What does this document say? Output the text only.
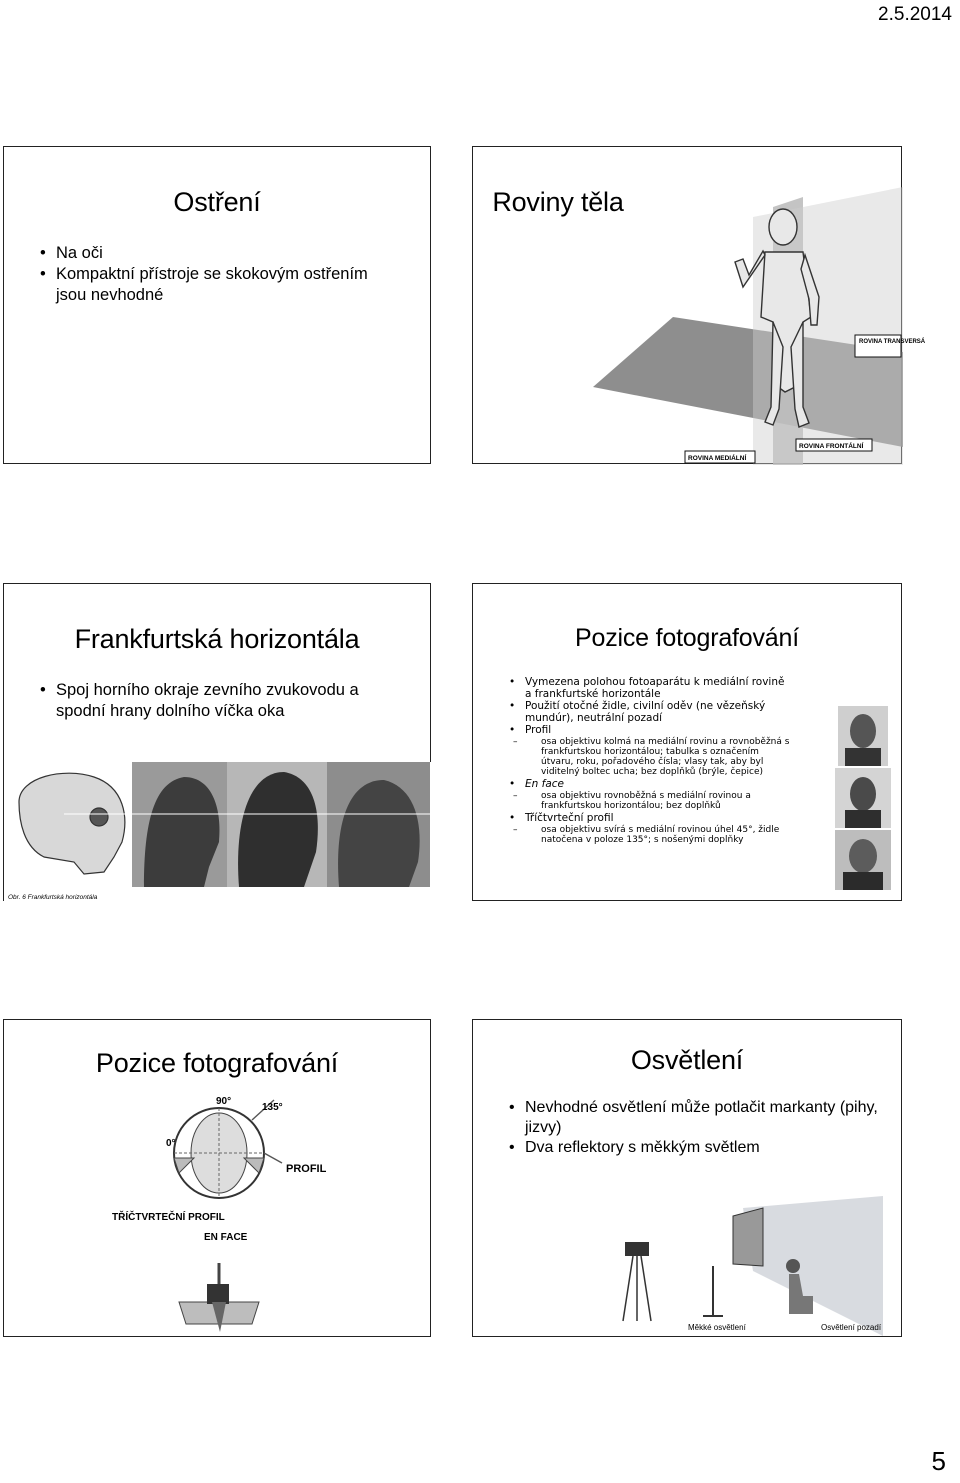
2.5.2014
Ostření
• Na oči
• Kompaktní přístroje se skokovým ostřením jsou nevhodné
Roviny těla
ROVINA TRANSVERSÁ
ROVINA FRONTÁLNÍ
ROVINA MEDIÁLNÍ
Frankfurtská horizontála
• Spoj horního okraje zevního zvukovodu a spodní hrany dolního víčka oka
Obr. 6 Frankfurtská horizontála
Pozice fotografování
• Vymezena polohou fotoaparátu k mediální rovině a frankfurtské horizontále
• Použití otočné židle, civilní oděv (ne vězeňský mundúr), neutrální pozadí
• Profil
– osa objektivu kolmá na mediální rovinu a rovnoběžná s frankfurtskou horizontálou; tabulka s označením útvaru, roku, pořadového čísla; vlasy tak, aby byl viditelný boltec ucha; bez doplňků (brýle, čepice)
• En face
– osa objektivu rovnoběžná s mediální rovinou a frankfurtskou horizontálou; bez doplňků
• Tříčtvrteční profil
– osa objektivu svírá s mediální rovinou úhel 45°, židle natočena v poloze 135°; s nošenými doplňky
Pozice fotografování
90°
135°
0°
PROFIL
TŘÍČTVRTEČNÍ PROFIL
EN FACE
Osvětlení
• Nevhodné osvětlení může potlačit markanty (pihy, jizvy)
• Dva reflektory s měkkým světlem
Měkké osvětlení	Osvětlení pozadí
5
